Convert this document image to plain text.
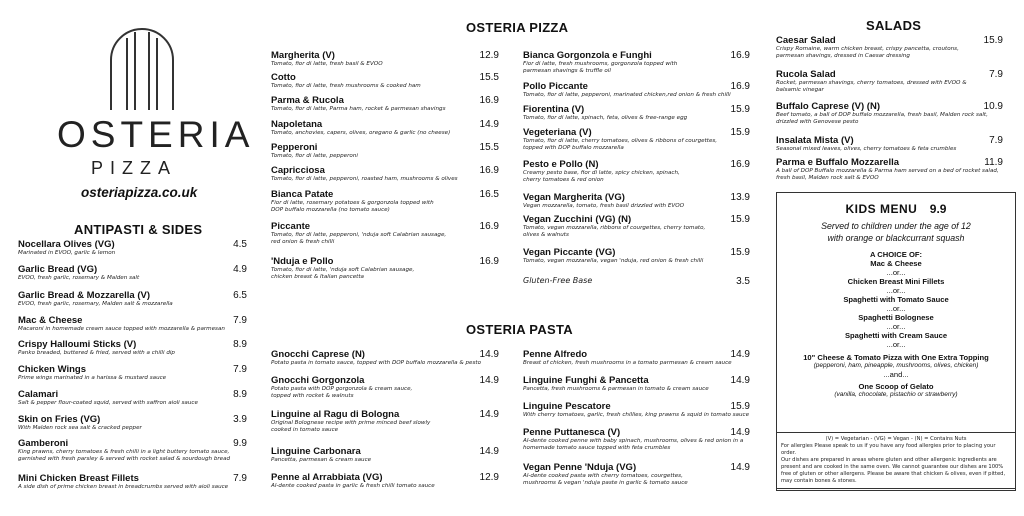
OSTERIA
PIZZA
osteriapizza.co.uk
ANTIPASTI & SIDES
Nocellara Olives (VG)
Marinated in EVOO, garlic & lemon
4.5
Garlic Bread (VG)
EVOO, fresh garlic, rosemary & Malden salt
4.9
Garlic Bread & Mozzarella (V)
EVOO, fresh garlic, rosemary, Malden salt & mozzarella
6.5
Mac & Cheese
Macaroni in homemade cream sauce topped with mozzarella & parmesan
7.9
Crispy Halloumi Sticks (V)
Panko breaded, buttered & fried, served with a chilli dip
8.9
Chicken Wings
Prime wings marinated in a harissa & mustard sauce
7.9
Calamari
Salt & pepper flour-coated squid, served with saffron aioli sauce
8.9
Skin on Fries (VG)
With Malden rock sea salt & cracked pepper
3.9
Gamberoni
King prawns, cherry tomatoes & fresh chilli in a light buttery tomato sauce,
garnished with fresh parsley & served with rocket salad & sourdough bread
9.9
Mini Chicken Breast Fillets
A side dish of prime chicken breast in breadcrumbs served with aioli sauce
7.9
OSTERIA PIZZA
Margherita (V)
Tomato, fior di latte, fresh basil & EVOO
12.9
Cotto
Tomato, fior di latte, fresh mushrooms & cooked ham
15.5
Parma & Rucola
Tomato, fior di latte, Parma ham, rocket & parmesan shavings
16.9
Napoletana
Tomato, anchovies, capers, olives, oregano & garlic (no cheese)
14.9
Pepperoni
Tomato, fior di latte, pepperoni
15.5
Capricciosa
Tomato, fior di latte, pepperoni, roasted ham, mushrooms & olives
16.9
Bianca Patate
Fior di latte, rosemary potatoes & gorgonzola topped with
DOP buffalo mozzarella (no tomato sauce)
16.5
Piccante
Tomato, fior di latte, pepperoni, 'nduja soft Calabrian sausage,
red onion & fresh chilli
16.9
'Nduja e Pollo
Tomato, fior di latte, 'nduja soft Calabrian sausage,
chicken breast & Italian pancetta
16.9
Bianca Gorgonzola e Funghi
Fior di latte, fresh mushrooms, gorgonzola topped with
parmesan shavings & truffle oil
16.9
Pollo Piccante
Tomato, fior di latte, pepperoni, marinated chicken,red onion & fresh chilli
16.9
Fiorentina (V)
Tomato, fior di latte, spinach, feta, olives & free-range egg
15.9
Vegeteriana (V)
Tomato, fior di latte, cherry tomatoes, olives & ribbons of courgettes,
topped with DOP buffalo mozzarella
15.9
Pesto e Pollo (N)
Creamy pesto base, fior di latte, spicy chicken, spinach,
cherry tomatoes & red onion
16.9
Vegan Margherita (VG)
Vegan mozzarella, tomato, fresh basil drizzled with EVOO
13.9
Vegan Zucchini (VG) (N)
Tomato, vegan mozzarella, ribbons of courgettes, cherry tomato,
olives & walnuts
15.9
Vegan Piccante (VG)
Tomato, vegan mozzarella, vegan 'nduja, red onion & fresh chilli
15.9
Gluten-Free Base	3.5
OSTERIA PASTA
Gnocchi Caprese (N)
Potato pasta in tomato sauce, topped with DOP buffalo mozzarella & pesto
14.9
Gnocchi Gorgonzola
Potato pasta with DOP gorgonzola & cream sauce,
topped with rocket & walnuts
14.9
Linguine al Ragu di Bologna
Original Bolognese recipe with prime minced beef slowly
cooked in tomato sauce
14.9
Linguine Carbonara
Pancetta, parmesan & cream sauce
14.9
Penne al Arrabbiata (VG)
Al-dente cooked pasta in garlic & fresh chilli tomato sauce
12.9
Penne Alfredo
Breast of chicken, fresh mushrooms in a tomato parmesan & cream sauce
14.9
Linguine Funghi & Pancetta
Pancetta, fresh mushrooms & parmesan in tomato & cream sauce
14.9
Linguine Pescatore
With cherry tomatoes, garlic, fresh chillies, king prawns & squid in tomato sauce
15.9
Penne Puttanesca (V)
Al-dente cooked penne with baby spinach, mushrooms, olives & red onion in a
homemade tomato sauce topped with feta crumbles
14.9
Vegan Penne 'Nduja (VG)
Al-dente cooked pasta with cherry tomatoes, courgettes,
mushrooms & vegan 'nduja paste in garlic & tomato sauce
14.9
SALADS
Caesar Salad
Crispy Romaine, warm chicken breast, crispy pancetta, croutons,
parmesan shavings, dressed in Caesar dressing
15.9
Rucola Salad
Rocket, parmesan shavings, cherry tomatoes, dressed with EVOO &
balsamic vinegar
7.9
Buffalo Caprese (V) (N)
Beef tomato, a ball of DOP buffalo mozzarella, fresh basil, Malden rock salt,
drizzled with Genovese pesto
10.9
Insalata Mista (V)
Seasonal mixed leaves, olives, cherry tomatoes & feta crumbles
7.9
Parma e Buffalo Mozzarella
A ball of DOP Buffalo mozzarella & Parma ham served on a bed of rocket salad,
fresh basil, Malden rock salt & EVOO
11.9
KIDS MENU 9.9
Served to children under the age of 12
with orange or blackcurrant squash
A CHOICE OF:
Mac & Cheese
...or...
Chicken Breast Mini Fillets
...or...
Spaghetti with Tomato Sauce
...or...
Spaghetti Bolognese
...or...
Spaghetti with Cream Sauce
...or...
10" Cheese & Tomato Pizza with One Extra Topping
(pepperoni, ham, pineapple, mushrooms, olives, chicken)
...and...
One Scoop of Gelato
(vanilla, chocolate, pistachio or strawberry)
(V) = Vegetarian - (VG) = Vegan - (N) = Contains Nuts
For allergies Please speak to us if you have any food allergies prior to placing your order.
Our dishes are prepared in areas where gluten and other allergenic ingredients are
present and are cooked in the same oven. We cannot guarantee our dishes are 100%
free of gluten or other allergens. Please be aware that chicken & olives, even if pitted,
may contain bones & stones.
